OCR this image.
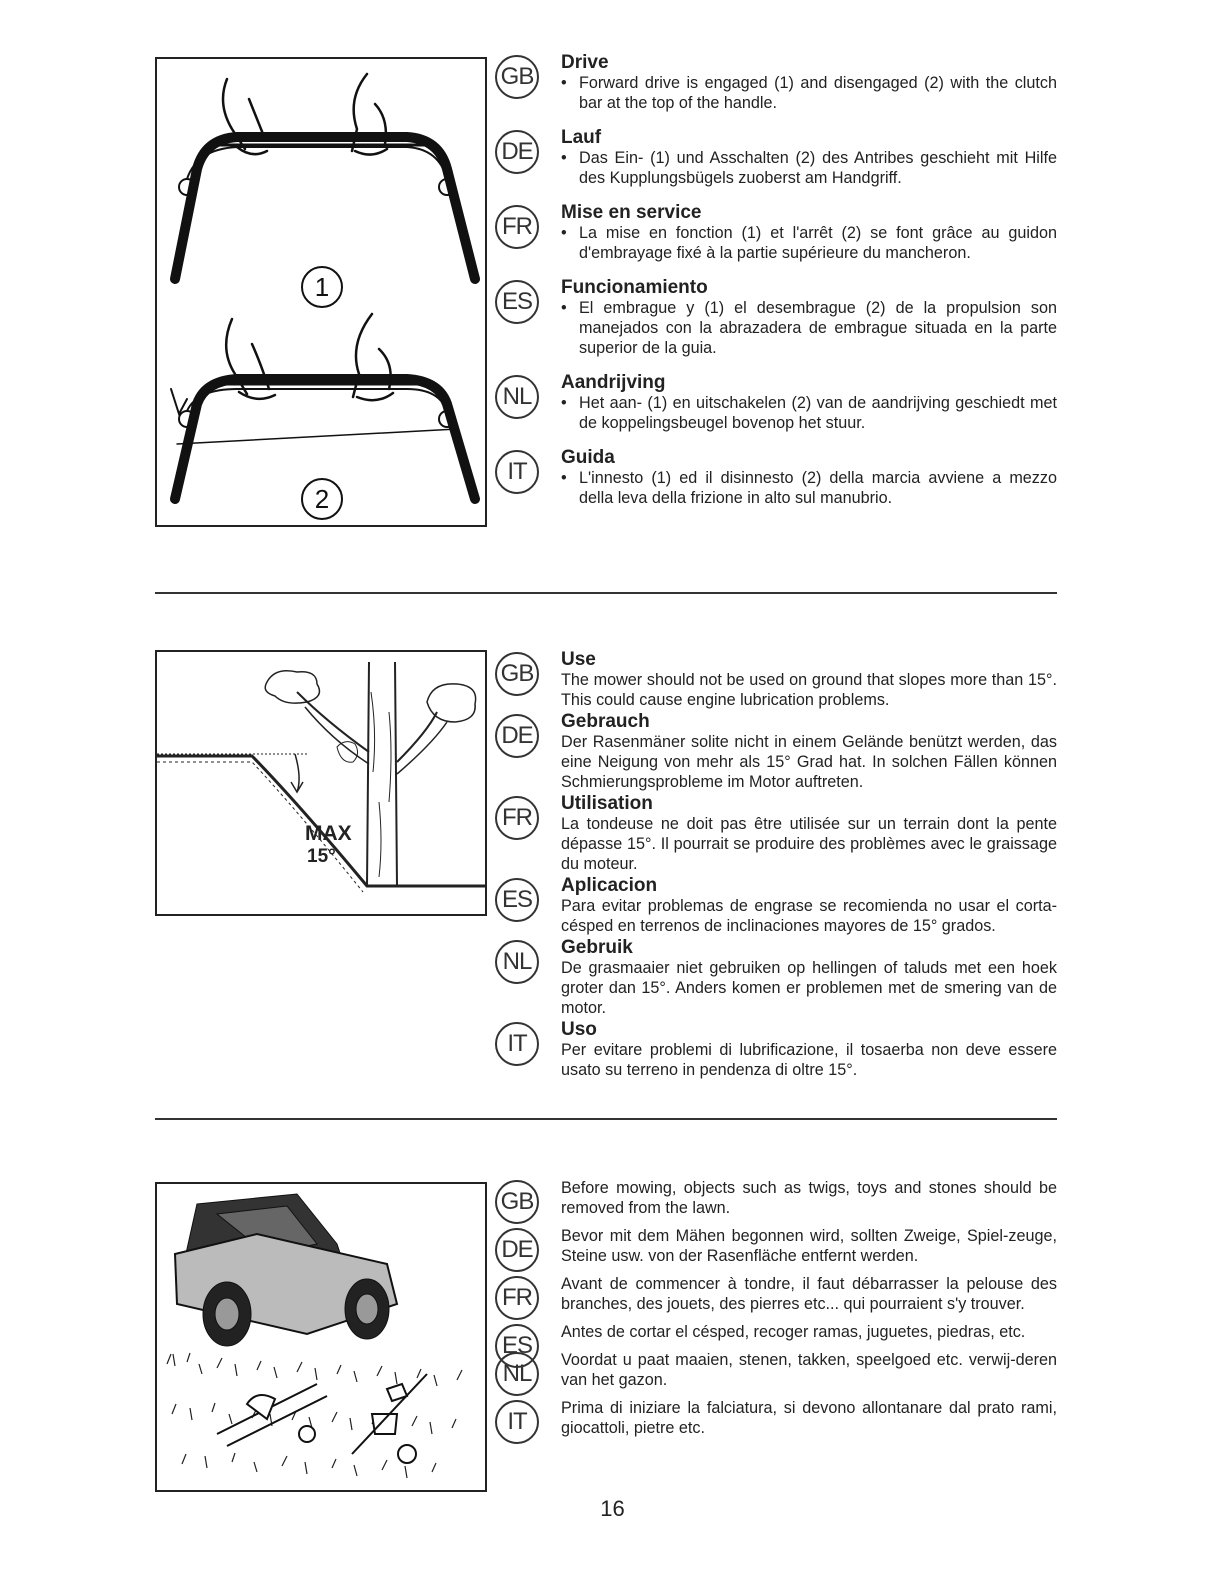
1
2
GB
Drive
• Forward drive is engaged (1) and disengaged (2) with the clutch bar at the top of the handle.
DE
Lauf
• Das Ein- (1) und Asschalten (2) des Antribes geschieht mit Hilfe des Kupplungsbügels zuoberst am Handgriff.
FR
Mise en service
• La mise en fonction (1) et l'arrêt (2) se font grâce au guidon d'embrayage fixé à la partie supérieure du mancheron.
ES
Funcionamiento
• El embrague y (1) el desembrague (2) de la propulsion son manejados con la abrazadera de embrague situada en la parte superior de la guia.
NL
Aandrijving
• Het aan- (1) en uitschakelen (2) van de aandrijving geschiedt met de koppelingsbeugel bovenop het stuur.
IT
Guida
• L'innesto (1) ed il disinnesto (2) della marcia avviene a mezzo della leva della frizione in alto sul manubrio.
MAX
15°
GB
Use
The mower should not be used on ground that slopes more than 15°. This could cause engine lubrication problems.
DE
Gebrauch
Der Rasenmäner solite nicht in einem Gelände benützt werden, das eine Neigung von mehr als 15° Grad hat. In solchen Fällen können Schmierungsprobleme im Motor auftreten.
FR
Utilisation
La tondeuse ne doit pas être utilisée sur un terrain dont la pente dépasse 15°. Il pourrait se produire des problèmes avec le graissage du moteur.
ES
Aplicacion
Para evitar problemas de engrase se recomienda no usar el corta-césped en terrenos de inclinaciones mayores de 15° grados.
NL
Gebruik
De grasmaaier niet gebruiken op hellingen of taluds met een hoek groter dan 15°. Anders komen er problemen met de smering van de motor.
IT
Uso
Per evitare problemi di lubrificazione, il tosaerba non deve essere usato su terreno in pendenza di oltre 15°.
GB	Before mowing, objects such as twigs, toys and stones should be removed from the lawn.
DE	Bevor mit dem Mähen begonnen wird, sollten Zweige, Spiel-zeuge, Steine usw. von der Rasenfläche entfernt werden.
FR	Avant de commencer à tondre, il faut débarrasser la pelouse des branches, des jouets, des pierres etc... qui pourraient s'y trouver.
ES	Antes de cortar el césped, recoger ramas, juguetes, piedras, etc.
NL	Voordat u paat maaien, stenen, takken, speelgoed etc. verwij-deren van het gazon.
IT	Prima di iniziare la falciatura, si devono allontanare dal prato rami, giocattoli, pietre etc.
16
